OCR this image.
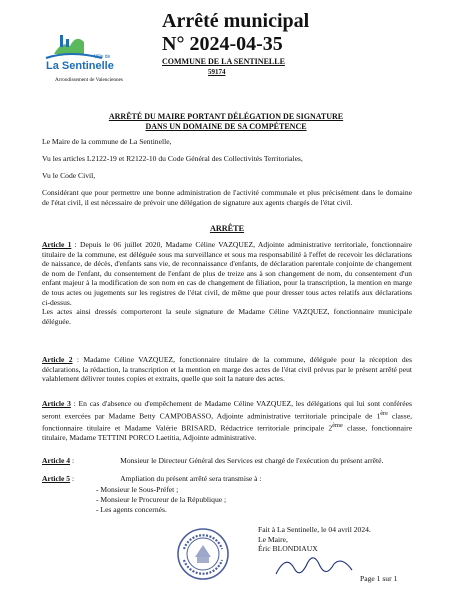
Ville de
La Sentinelle
Arrondissement de Valenciennes
Arrêté municipal
N° 2024-04-35
COMMUNE DE LA SENTINELLE
59174
ARRÊTÉ DU MAIRE PORTANT DÉLÉGATION DE SIGNATURE
DANS UN DOMAINE DE SA COMPÉTENCE
Le Maire de la commune de La Sentinelle,
Vu les articles L2122-19 et R2122-10 du Code Général des Collectivités Territoriales,
Vu le Code Civil,
Considérant que pour permettre une bonne administration de l'activité communale et plus précisément dans le domaine de l'état civil, il est nécessaire de prévoir une délégation de signature aux agents chargés de l'état civil.
ARRÊTE
Article 1 : Depuis le 06 juillet 2020, Madame Céline VAZQUEZ, Adjointe administrative territoriale, fonctionnaire titulaire de la commune, est déléguée sous ma surveillance et sous ma responsabilité à l'effet de recevoir les déclarations de naissance, de décès, d'enfants sans vie, de reconnaissance d'enfants, de déclaration parentale conjointe de changement de nom de l'enfant, du consentement de l'enfant de plus de treize ans à son changement de nom, du consentement d'un enfant majeur à la modification de son nom en cas de changement de filiation, pour la transcription, la mention en marge de tous actes ou jugements sur les registres de l'état civil, de même que pour dresser tous actes relatifs aux déclarations ci-dessus.
Les actes ainsi dressés comporteront la seule signature de Madame Céline VAZQUEZ, fonctionnaire municipale déléguée.
Article 2 : Madame Céline VAZQUEZ, fonctionnaire titulaire de la commune, déléguée pour la réception des déclarations, la rédaction, la transcription et la mention en marge des actes de l'état civil prévus par le présent arrêté peut valablement délivrer toutes copies et extraits, quelle que soit la nature des actes.
Article 3 : En cas d'absence ou d'empêchement de Madame Céline VAZQUEZ, les délégations qui lui sont conférées seront exercées par Madame Betty CAMPOBASSO, Adjointe administrative territoriale principale de 1ère classe, fonctionnaire titulaire et Madame Valérie BRISARD, Rédactrice territoriale principale 2ème classe, fonctionnaire titulaire, Madame TETTINI PORCO Laetitia, Adjointe administrative.
Article 4 :	Monsieur le Directeur Général des Services est chargé de l'exécution du présent arrêté.
Article 5 :	Ampliation du présent arrêté sera transmise à :
- Monsieur le Sous-Préfet ;
- Monsieur le Procureur de la République ;
- Les agents concernés.
Fait à La Sentinelle, le 04 avril 2024.
Le Maire,
Éric BLONDIAUX
Page 1 sur 1
